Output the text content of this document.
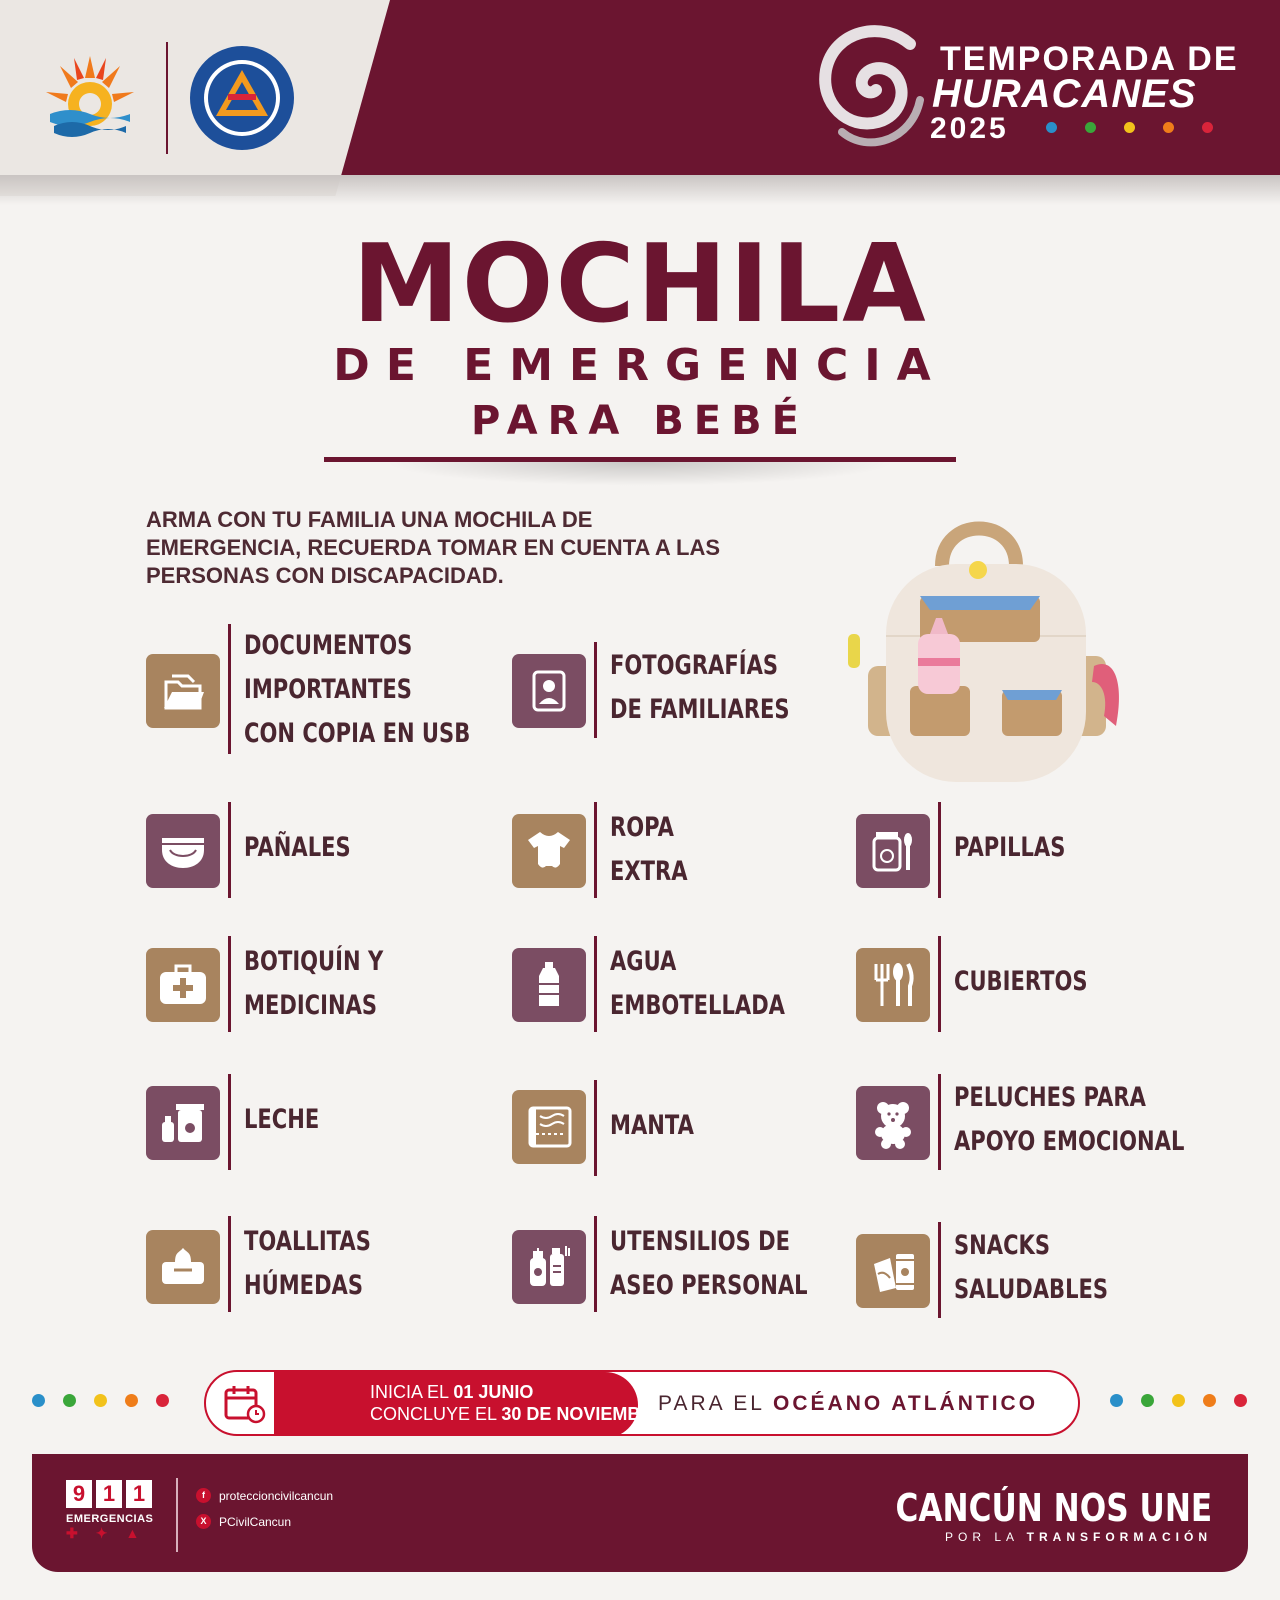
TEMPORADA DE
HURACANES
2025
MOCHILA
DE EMERGENCIA
PARA BEBÉ

ARMA CON TU FAMILIA UNA MOCHILA DE EMERGENCIA, RECUERDA TOMAR EN CUENTA A LAS PERSONAS CON DISCAPACIDAD.

DOCUMENTOS
IMPORTANTES
CON COPIA EN USB
FOTOGRAFÍAS
DE FAMILIARES
PAÑALES
ROPA
EXTRA
PAPILLAS
BOTIQUÍN Y
MEDICINAS
AGUA
EMBOTELLADA
CUBIERTOS
LECHE	MANTA
PELUCHES PARA
APOYO EMOCIONAL
TOALLITAS
HÚMEDAS
UTENSILIOS DE
ASEO PERSONAL
SNACKS
SALUDABLES
INICIA EL 01 JUNIO
CONCLUYE EL 30 DE NOVIEMBRE
PARA EL OCÉANO ATLÁNTICO
9 1 1
EMERGENCIAS
✚✦▲
f	proteccioncivilcancun
X	PCivilCancun	CANCÚN NOS UNE
POR LA TRANSFORMACIÓN
